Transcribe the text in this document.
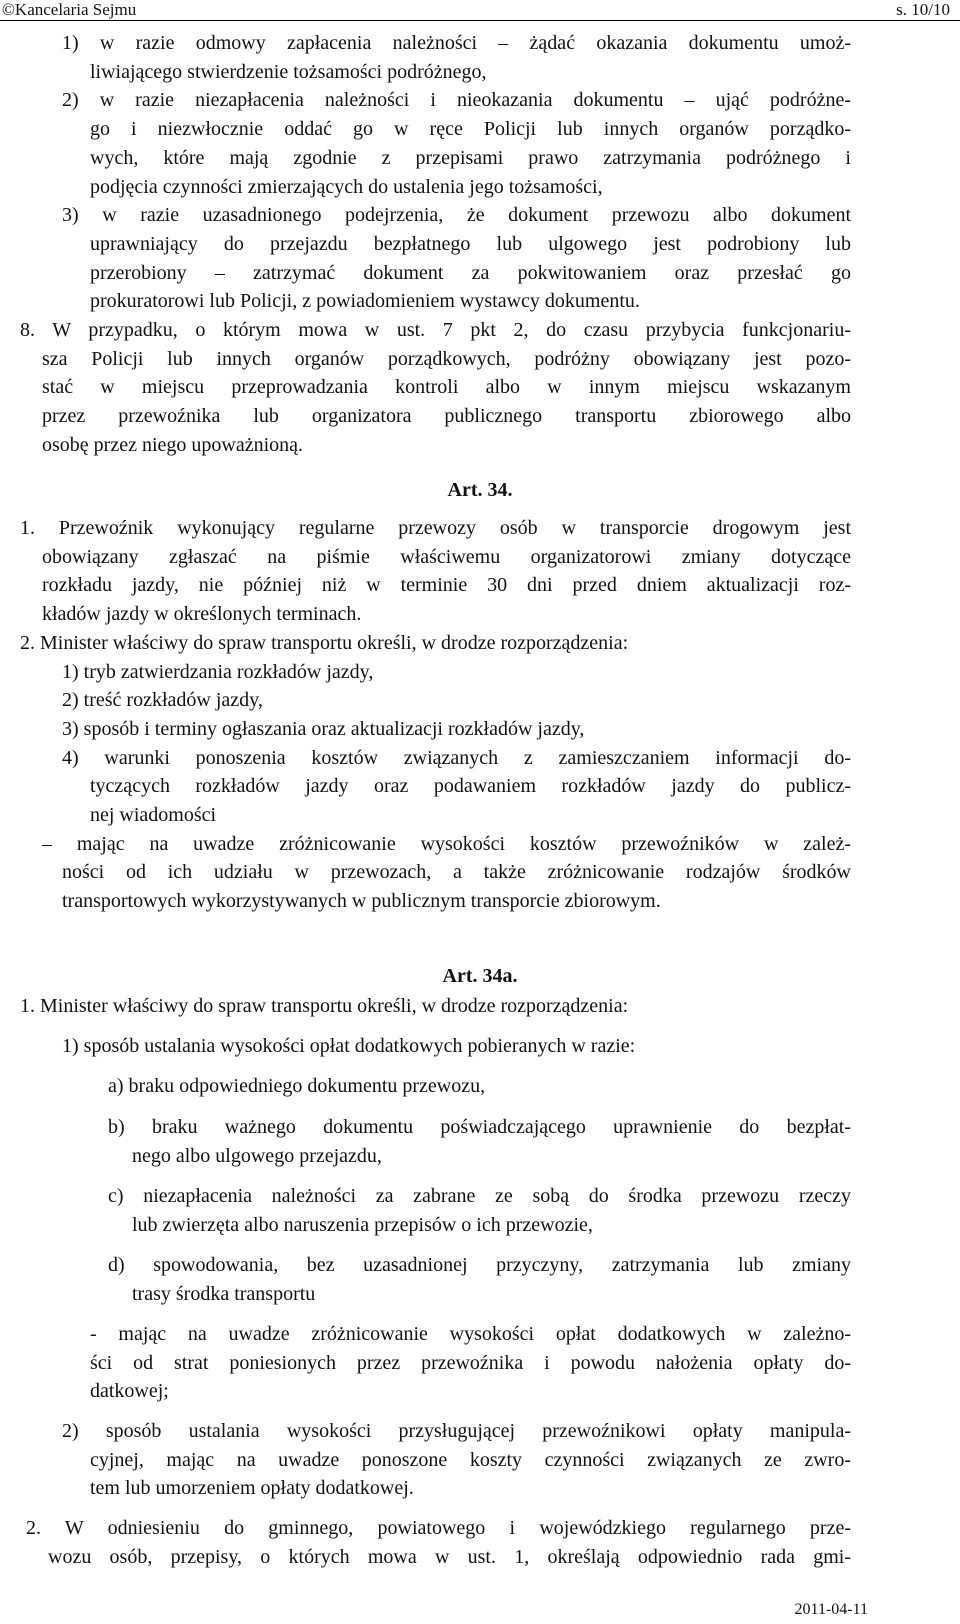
©Kancelaria Sejmu	s. 10/10
1) w razie odmowy zapłacenia należności – żądać okazania dokumentu umoż-
liwiającego stwierdzenie tożsamości podróżnego,
2) w razie niezapłacenia należności i nieokazania dokumentu – ująć podróżne-
go i niezwłocznie oddać go w ręce Policji lub innych organów porządko-
wych, które mają zgodnie z przepisami prawo zatrzymania podróżnego i
podjęcia czynności zmierzających do ustalenia jego tożsamości,
3) w razie uzasadnionego podejrzenia, że dokument przewozu albo dokument
uprawniający do przejazdu bezpłatnego lub ulgowego jest podrobiony lub
przerobiony – zatrzymać dokument za pokwitowaniem oraz przesłać go
prokuratorowi lub Policji, z powiadomieniem wystawcy dokumentu.
8. W przypadku, o którym mowa w ust. 7 pkt 2, do czasu przybycia funkcjonariu-
sza Policji lub innych organów porządkowych, podróżny obowiązany jest pozo-
stać w miejscu przeprowadzania kontroli albo w innym miejscu wskazanym
przez przewoźnika lub organizatora publicznego transportu zbiorowego albo
osobę przez niego upoważnioną.
Art. 34.
1. Przewoźnik wykonujący regularne przewozy osób w transporcie drogowym jest
obowiązany zgłaszać na piśmie właściwemu organizatorowi zmiany dotyczące
rozkładu jazdy, nie później niż w terminie 30 dni przed dniem aktualizacji roz-
kładów jazdy w określonych terminach.
2. Minister właściwy do spraw transportu określi, w drodze rozporządzenia:
1) tryb zatwierdzania rozkładów jazdy,
2) treść rozkładów jazdy,
3) sposób i terminy ogłaszania oraz aktualizacji rozkładów jazdy,
4) warunki ponoszenia kosztów związanych z zamieszczaniem informacji do-
tyczących rozkładów jazdy oraz podawaniem rozkładów jazdy do publicz-
nej wiadomości
– mając na uwadze zróżnicowanie wysokości kosztów przewoźników w zależ-
ności od ich udziału w przewozach, a także zróżnicowanie rodzajów środków
transportowych wykorzystywanych w publicznym transporcie zbiorowym.
Art. 34a.
1. Minister właściwy do spraw transportu określi, w drodze rozporządzenia:
1) sposób ustalania wysokości opłat dodatkowych pobieranych w razie:
a) braku odpowiedniego dokumentu przewozu,
b) braku ważnego dokumentu poświadczającego uprawnienie do bezpłat-
nego albo ulgowego przejazdu,
c) niezapłacenia należności za zabrane ze sobą do środka przewozu rzeczy
lub zwierzęta albo naruszenia przepisów o ich przewozie,
d) spowodowania, bez uzasadnionej przyczyny, zatrzymania lub zmiany
trasy środka transportu
- mając na uwadze zróżnicowanie wysokości opłat dodatkowych w zależno-
ści od strat poniesionych przez przewoźnika i powodu nałożenia opłaty do-
datkowej;
2) sposób ustalania wysokości przysługującej przewoźnikowi opłaty manipula-
cyjnej, mając na uwadze ponoszone koszty czynności związanych ze zwro-
tem lub umorzeniem opłaty dodatkowej.
2. W odniesieniu do gminnego, powiatowego i wojewódzkiego regularnego prze-
wozu osób, przepisy, o których mowa w ust. 1, określają odpowiednio rada gmi-
2011-04-11
